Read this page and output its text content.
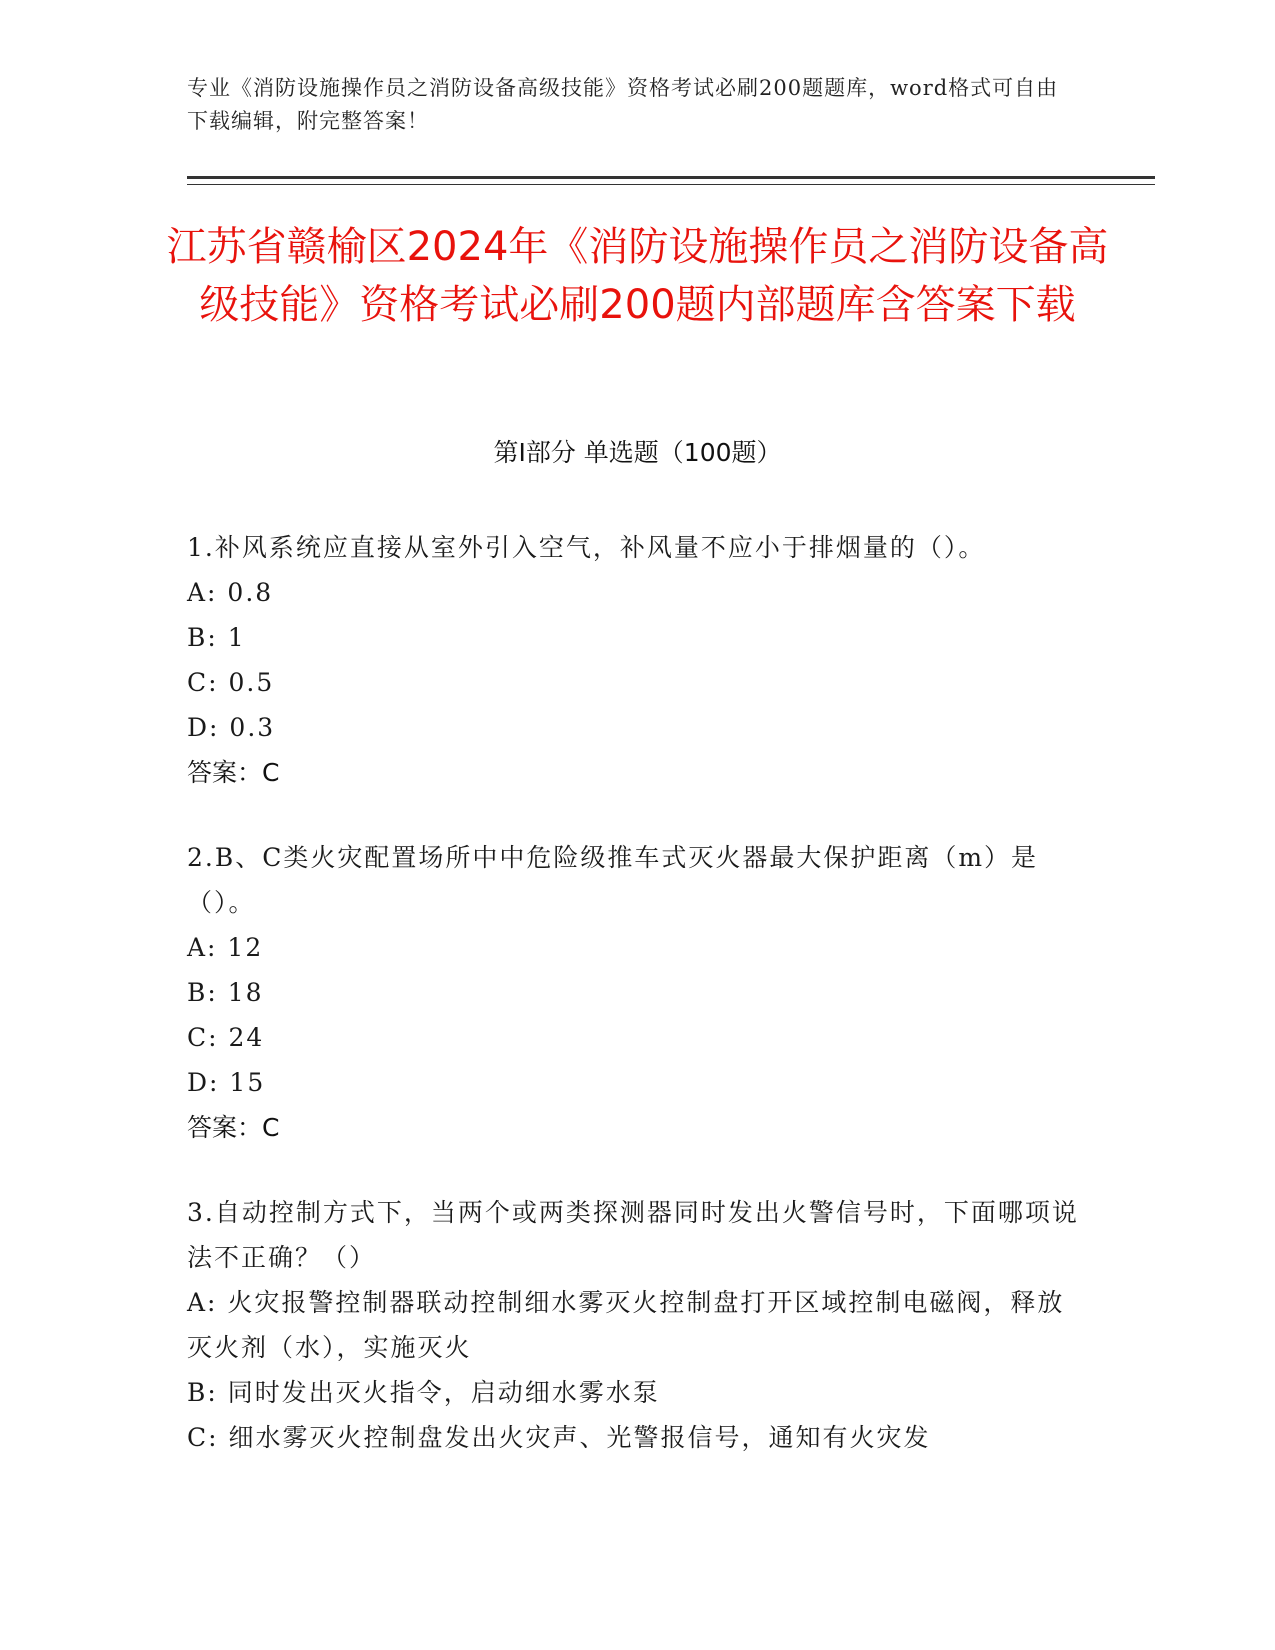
专业《消防设施操作员之消防设备高级技能》资格考试必刷200题题库，word格式可自由下载编辑，附完整答案！
江苏省赣榆区2024年《消防设施操作员之消防设备高级技能》资格考试必刷200题内部题库含答案下载
第Ⅰ部分 单选题（100题）
1.补风系统应直接从室外引入空气，补风量不应小于排烟量的（）。
A: 0.8
B: 1
C: 0.5
D: 0.3
答案：C
2.B、C类火灾配置场所中中危险级推车式灭火器最大保护距离（m）是（）。
A: 12
B: 18
C: 24
D: 15
答案：C
3.自动控制方式下，当两个或两类探测器同时发出火警信号时，下面哪项说法不正确？（）
A: 火灾报警控制器联动控制细水雾灭火控制盘打开区域控制电磁阀，释放灭火剂（水），实施灭火
B: 同时发出灭火指令，启动细水雾水泵
C: 细水雾灭火控制盘发出火灾声、光警报信号，通知有火灾发
